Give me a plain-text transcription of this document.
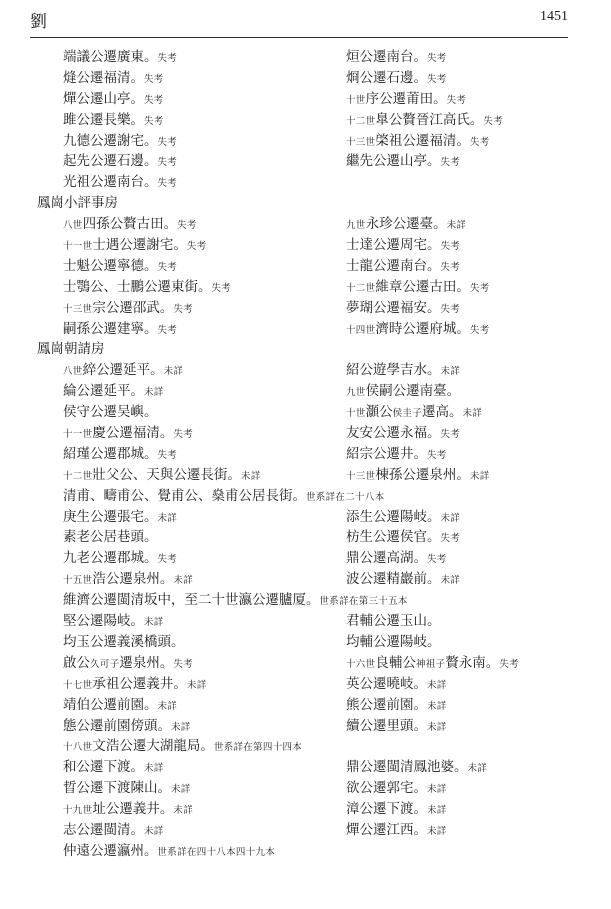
劉	1451
端議公遷廣東。失考	烜公遷南台。失考
熢公遷福清。失考	烱公遷石邊。失考
燀公遷山亭。失考	十世序公遷莆田。失考
雎公遷長樂。失考	十二世臯公贅晉江高氏。失考
九德公遷謝宅。失考	十三世棨祖公遷福清。失考
起先公遷石邊。失考	繼先公遷山亭。失考
光祖公遷南台。失考
鳳崗小評事房
八世四孫公贅古田。失考	九世永珍公遷臺。未詳
十一世士遇公遷謝宅。失考	士達公遷周宅。失考
士魁公遷寧德。失考	士龍公遷南台。失考
士鶚公、士鵬公遷東街。失考	十二世維章公遷古田。失考
十三世宗公遷邵武。失考	夢瑚公遷福安。失考
嗣孫公遷建寧。失考	十四世濟時公遷府城。失考
鳳崗朝請房
八世綷公遷延平。未詳	紹公遊學吉水。未詳
綸公遷延平。未詳	九世侯嗣公遷南臺。
侯守公遷吴嶼。	十世灝公侯圭子遷高。未詳
十一世慶公遷福清。失考	友安公遷永福。失考
紹瑾公遷郡城。失考	紹宗公遷井。失考
十二世壯父公、天與公遷長街。未詳	十三世棟孫公遷泉州。未詳
清甫、疇甫公、覺甫公、燊甫公居長街。世系詳在二十八本
庚生公遷張宅。未詳	添生公遷陽岐。未詳
素老公居巷頭。	枋生公遷侯官。失考
九老公遷郡城。失考	鼎公遷高湖。失考
十五世浩公遷泉州。未詳	波公遷精巖前。未詳
維濟公遷閩清坂中，至二十世瀛公遷臚厦。世系詳在第三十五本
堅公遷陽岐。未詳	君輔公遷玉山。
均玉公遷義溪橋頭。	均輔公遷陽岐。
啟公久可子遷泉州。失考	十六世良輔公神祖子贅永南。失考
十七世承祖公遷義井。未詳	英公遷曉岐。未詳
靖伯公遷前園。未詳	熊公遷前園。未詳
態公遷前園傍頭。未詳	續公遷里頭。未詳
十八世文浩公遷大湖龍局。世系詳在第四十四本
和公遷下渡。未詳	鼎公遷閩清鳳池婆。未詳
晢公遷下渡陳山。未詳	欲公遷郭宅。未詳
十九世址公遷義井。未詳	漳公遷下渡。未詳
志公遷閩清。未詳	燀公遷江西。未詳
仲遠公遷瀛州。世系詳在四十八本四十九本
